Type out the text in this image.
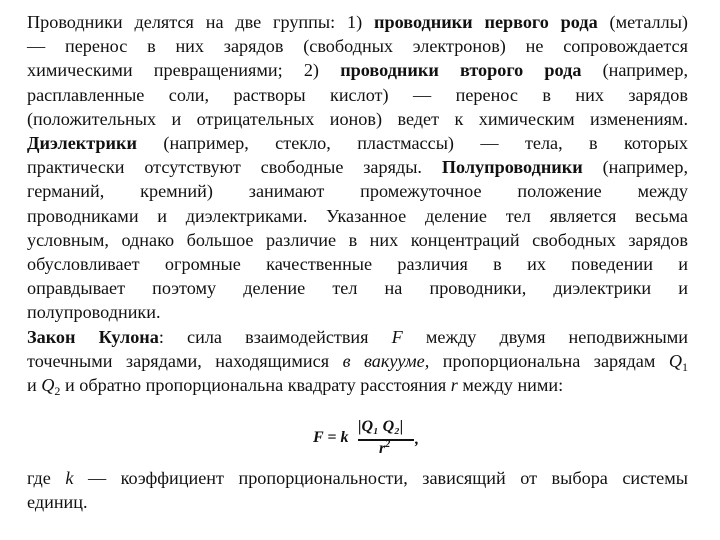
Проводники делятся на две группы: 1) проводники первого рода (металлы)
— перенос в них зарядов (свободных электронов) не сопровождается
химическими превращениями; 2) проводники второго рода (например,
расплавленные соли, растворы кислот) — перенос в них зарядов
(положительных и отрицательных ионов) ведет к химическим изменениям.
Диэлектрики (например, стекло, пластмассы) — тела, в которых
практически отсутствуют свободные заряды. Полупроводники (например,
германий, кремний) занимают промежуточное положение между
проводниками и диэлектриками. Указанное деление тел является весьма
условным, однако большое различие в них концентраций свободных зарядов
обусловливает огромные качественные различия в их поведении и
оправдывает поэтому деление тел на проводники, диэлектрики и
полупроводники.
Закон Кулона: сила взаимодействия F между двумя неподвижными
точечными зарядами, находящимися в вакууме, пропорциональна зарядам $Q_1$
и $Q_2$ и обратно пропорциональна квадрату расстояния r между ними:
F = k
|Q₁ Q₂|
$r^2$ ,
где k — коэффициент пропорциональности, зависящий от выбора системы
единиц.
